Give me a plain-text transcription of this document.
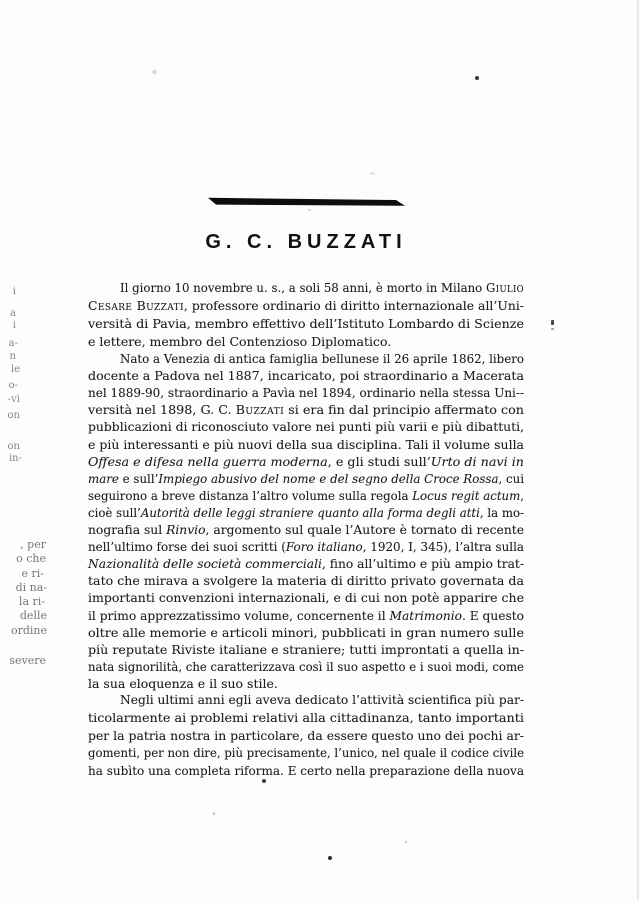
G. C. BUZZATI
Il giorno 10 novembre u. s., a soli 58 anni, è morto in Milano Giulio
Cesare Buzzati, professore ordinario di diritto internazionale all’Uni-
versità di Pavia, membro effettivo dell’Istituto Lombardo di Scienze
e lettere, membro del Contenzioso Diplomatico.
Nato a Venezia di antica famiglia bellunese il 26 aprile 1862, libero
docente a Padova nel 1887, incaricato, poi straordinario a Macerata
nel 1889-90, straordinario a Pavìa nel 1894, ordinario nella stessa Uni--
versità nel 1898, G. C. Buzzati si era fin dal principio affermato con
pubblicazioni di riconosciuto valore nei punti più varii e più dibattuti,
e più interessanti e più nuovi della sua disciplina. Tali il volume sulla
Offesa e difesa nella guerra moderna, e gli studi sull’Urto di navi in
mare e sull’Impiego abusivo del nome e del segno della Croce Rossa, cui
seguirono a breve distanza l’altro volume sulla regola Locus regit actum,
cioè sull’Autorità delle leggi straniere quanto alla forma degli atti, la mo-
nografia sul Rinvio, argomento sul quale l’Autore è tornato di recente
nell’ultimo forse dei suoi scritti (Foro italiano, 1920, I, 345), l’altra sulla
Nazionalità delle società commerciali, fino all’ultimo e più ampio trat-
tato che mirava a svolgere la materia di diritto privato governata da
importanti convenzioni internazionali, e di cui non potè apparire che
il primo apprezzatissimo volume, concernente il Matrimonio. E questo
oltre alle memorie e articoli minori, pubblicati in gran numero sulle
più reputate Riviste italiane e straniere; tutti improntati a quella in-
nata signorilità, che caratterizzava così il suo aspetto e i suoi modi, come
la sua eloquenza e il suo stile.
Negli ultimi anni egli aveva dedicato l’attività scientifica più par-
ticolarmente ai problemi relativi alla cittadinanza, tanto importanti
per la patria nostra in particolare, da essere questo uno dei pochi ar-
gomenti, per non dire, più precisamente, l’unico, nel quale il codice civile
ha subìto una completa riforma. E certo nella preparazione della nuova
i
a
i
a-
n
le
o-
-vi
on
on
in-
, per
o che
e ri-
di na-
la ri-
delle
ordine
severe
